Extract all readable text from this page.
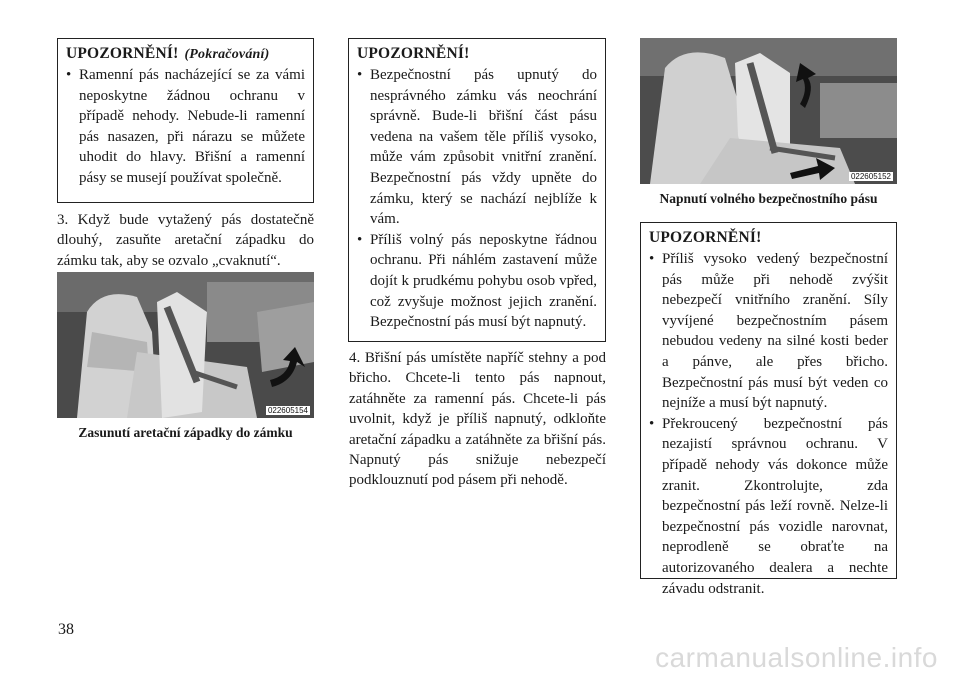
UPOZORNĚNÍ! (Pokračování)

• Ramenní pás nacházející se za vámi neposkytne žádnou ochranu v případě nehody. Nebude-li ramenní pás nasazen, při nárazu se můžete uhodit do hlavy. Břišní a ramenní pásy se musejí používat společně.

3. Když bude vytažený pás dostatečně dlouhý, zasuňte aretační západku do zámku tak, aby se ozvalo „cvaknutí“.

022605154
Zasunutí aretační západky do zámku
UPOZORNĚNÍ!

• Bezpečnostní pás upnutý do nesprávného zámku vás neochrání správně. Bude-li břišní část pásu vedena na vašem těle příliš vysoko, může vám způsobit vnitřní zranění. Bezpečnostní pás vždy upněte do zámku, který se nachází nejblíže k vám.

• Příliš volný pás neposkytne řádnou ochranu. Při náhlém zastavení může dojít k prudkému pohybu osob vpřed, což zvyšuje možnost jejich zranění. Bezpečnostní pás musí být napnutý.

4. Břišní pás umístěte napříč stehny a pod břicho. Chcete-li tento pás napnout, zatáhněte za ramenní pás. Chcete-li pás uvolnit, když je příliš napnutý, odkloňte aretační západku a zatáhněte za břišní pás. Napnutý pás snižuje nebezpečí podklouznutí pod pásem při nehodě.

022605152
Napnutí volného bezpečnostního pásu
UPOZORNĚNÍ!

• Příliš vysoko vedený bezpečnostní pás může při nehodě zvýšit nebezpečí vnitřního zranění. Síly vyvíjené bezpečnostním pásem nebudou vedeny na silné kosti beder a pánve, ale přes břicho. Bezpečnostní pás musí být veden co nejníže a musí být napnutý.

• Překroucený bezpečnostní pás nezajistí správnou ochranu. V případě nehody vás dokonce může zranit. Zkontrolujte, zda bezpečnostní pás leží rovně. Nelze-li bezpečnostní pás vozidle narovnat, neprodleně se obraťte na autorizovaného dealera a nechte závadu odstranit.

38
carmanualsonline.info
